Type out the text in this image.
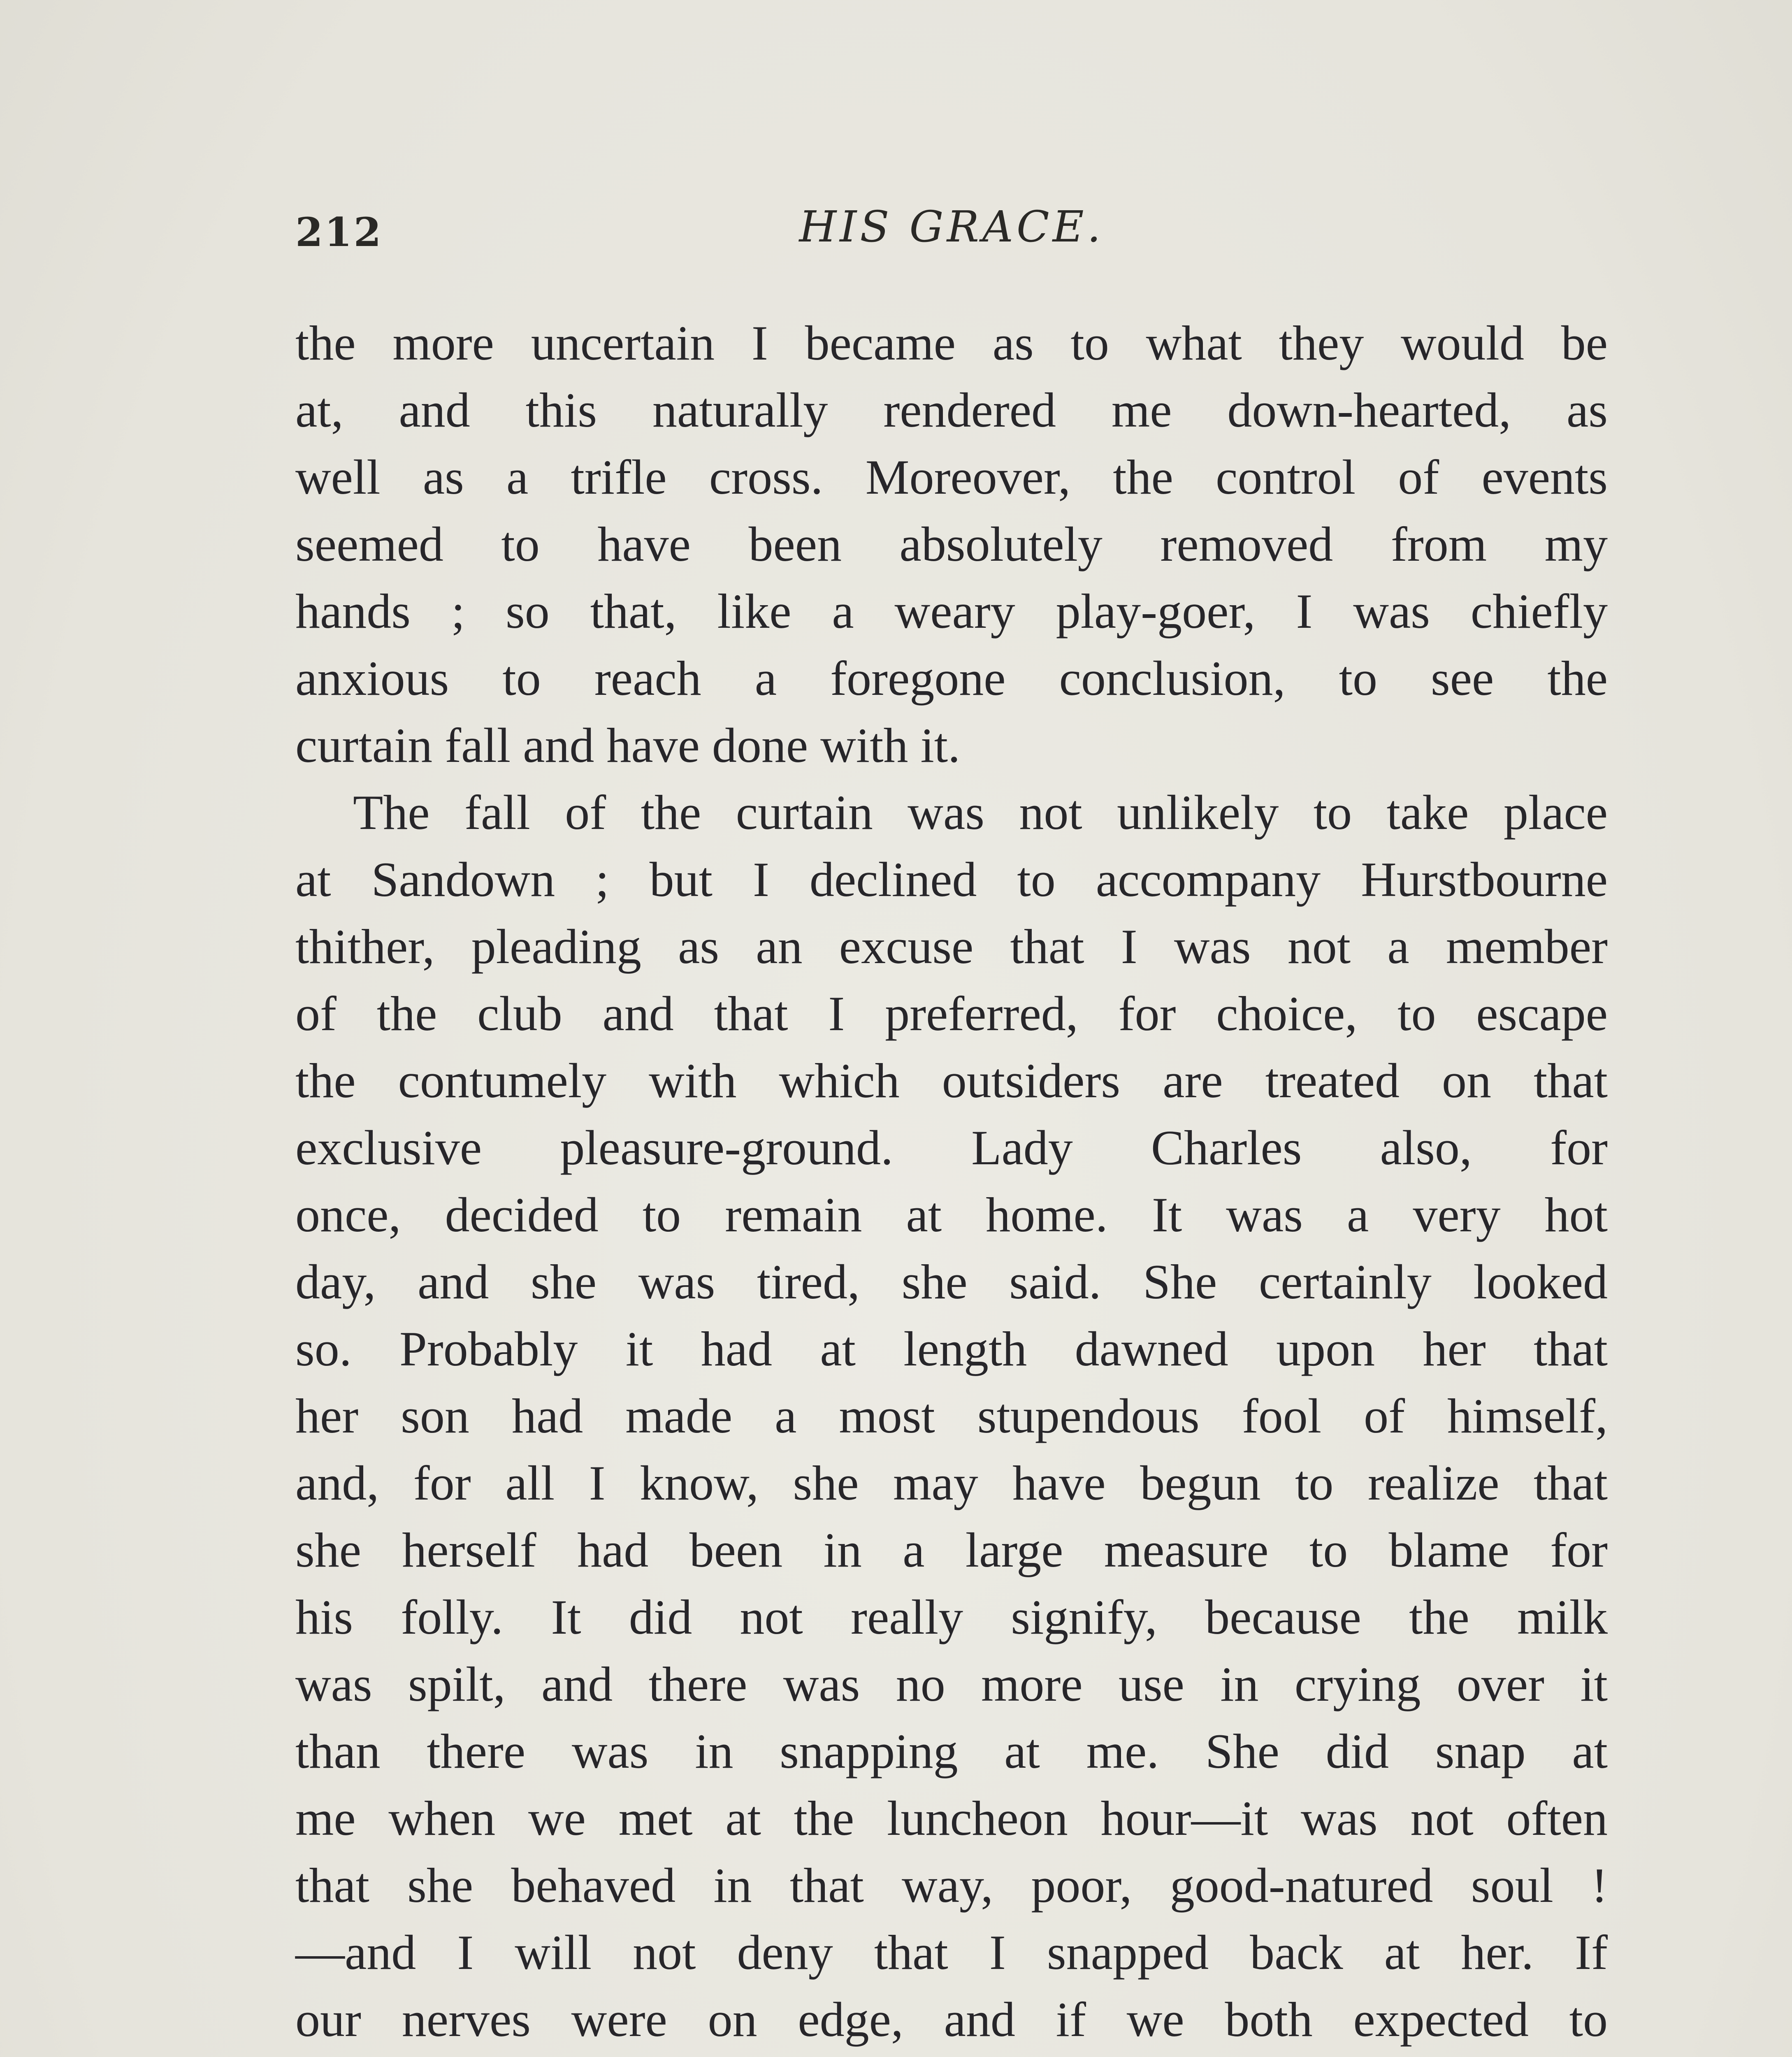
212	HIS GRACE.
the more uncertain I became as to what they would be
at, and this naturally rendered me down-hearted, as
well as a trifle cross. Moreover, the control of events
seemed to have been absolutely removed from my
hands ; so that, like a weary play-goer, I was chiefly
anxious to reach a foregone conclusion, to see the
curtain fall and have done with it.
The fall of the curtain was not unlikely to take place
at Sandown ; but I declined to accompany Hurstbourne
thither, pleading as an excuse that I was not a member
of the club and that I preferred, for choice, to escape
the contumely with which outsiders are treated on that
exclusive pleasure-ground. Lady Charles also, for
once, decided to remain at home. It was a very hot
day, and she was tired, she said. She certainly looked
so. Probably it had at length dawned upon her that
her son had made a most stupendous fool of himself,
and, for all I know, she may have begun to realize that
she herself had been in a large measure to blame for
his folly. It did not really signify, because the milk
was spilt, and there was no more use in crying over it
than there was in snapping at me. She did snap at
me when we met at the luncheon hour—it was not often
that she behaved in that way, poor, good-natured soul !
—and I will not deny that I snapped back at her. If
our nerves were on edge, and if we both expected to
